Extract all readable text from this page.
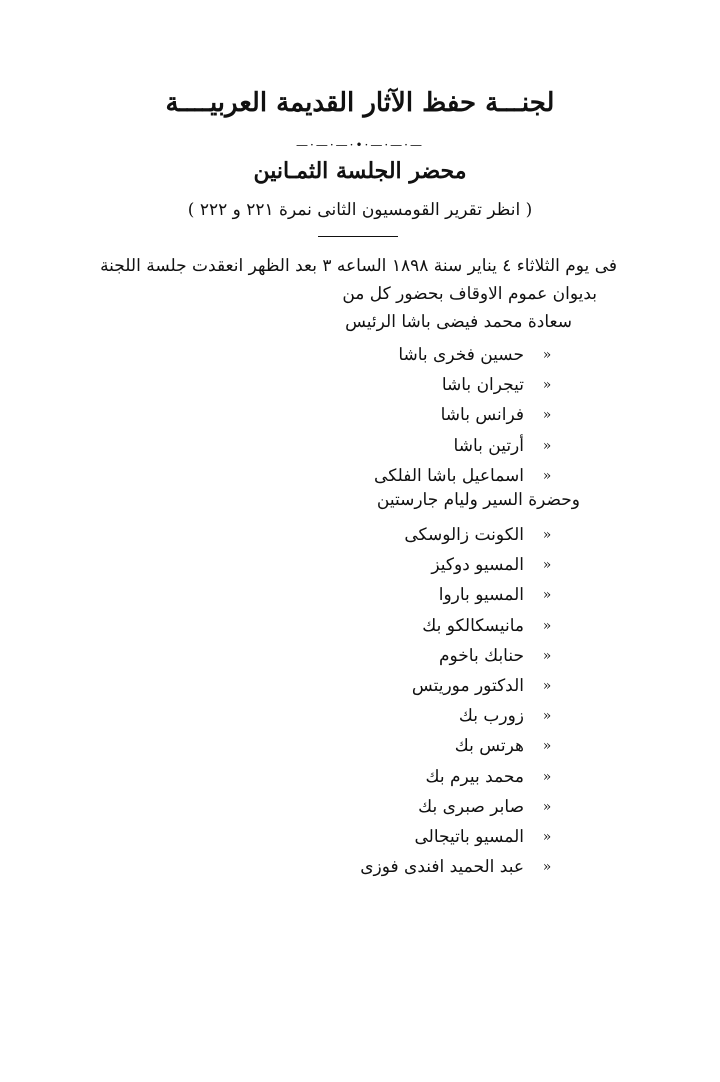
لجنـــة حفظ الآثار القديمة العربيــــة
—·—·—·•·—·—·—
محضر الجلسة الثمـانين
( انظر تقرير القومسيون الثانى نمرة ٢٢١ و ٢٢٢ )
فى يوم الثلاثاء ٤ يناير سنة ١٨٩٨ الساعه ٣ بعد الظهر انعقدت جلسة اللجنة
بديوان عموم الاوقاف بحضور كل من
سعادة محمد فيضى باشا الرئيس
«
حسين فخرى باشا
«
تيجران باشا
«
فرانس باشا
«
أرتين باشا
«
اسماعيل باشا الفلكى
وحضرة السير وليام جارستين
«
الكونت زالوسكى
«
المسيو دوكيز
«
المسيو باروا
«
مانيسكالكو بك
«
حنابك باخوم
«
الدكتور موريتس
«
زورب بك
«
هرتس بك
«
محمد بيرم بك
«
صابر صبرى بك
«
المسيو باتيجالى
«
عبد الحميد افندى فوزى
